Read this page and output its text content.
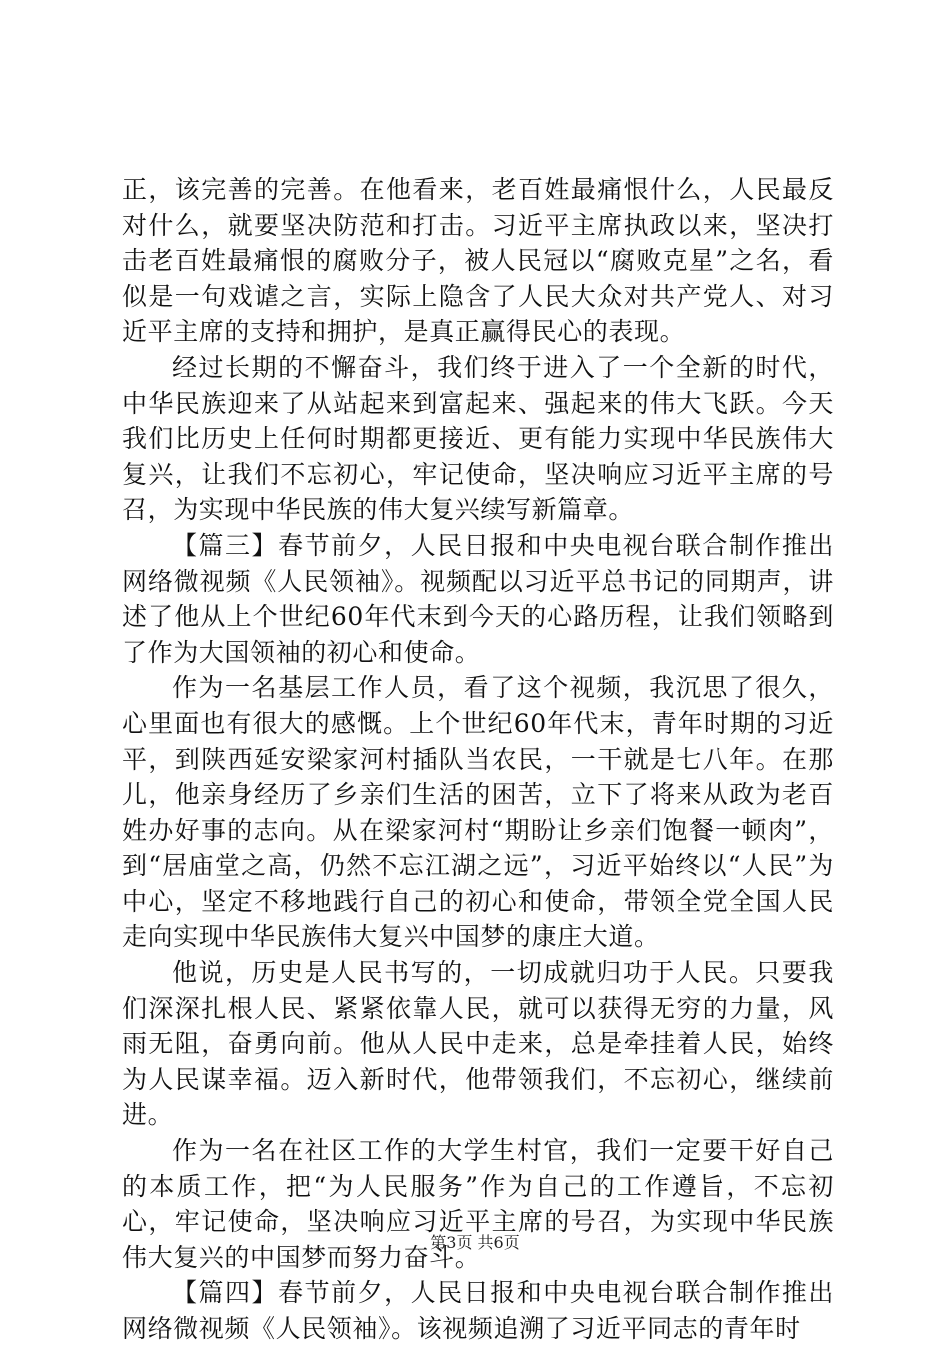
正，该完善的完善。在他看来，老百姓最痛恨什么，人民最反对什么，就要坚决防范和打击。习近平主席执政以来，坚决打击老百姓最痛恨的腐败分子，被人民冠以“腐败克星”之名，看似是一句戏谑之言，实际上隐含了人民大众对共产党人、对习近平主席的支持和拥护，是真正赢得民心的表现。

经过长期的不懈奋斗，我们终于进入了一个全新的时代，中华民族迎来了从站起来到富起来、强起来的伟大飞跃。今天我们比历史上任何时期都更接近、更有能力实现中华民族伟大复兴，让我们不忘初心，牢记使命，坚决响应习近平主席的号召，为实现中华民族的伟大复兴续写新篇章。

【篇三】春节前夕，人民日报和中央电视台联合制作推出网络微视频《人民领袖》。视频配以习近平总书记的同期声，讲述了他从上个世纪60年代末到今天的心路历程，让我们领略到了作为大国领袖的初心和使命。

作为一名基层工作人员，看了这个视频，我沉思了很久，心里面也有很大的感慨。上个世纪60年代末，青年时期的习近平，到陕西延安梁家河村插队当农民，一干就是七八年。在那儿，他亲身经历了乡亲们生活的困苦，立下了将来从政为老百姓办好事的志向。从在梁家河村“期盼让乡亲们饱餐一顿肉”，到“居庙堂之高，仍然不忘江湖之远”，习近平始终以“人民”为中心，坚定不移地践行自己的初心和使命，带领全党全国人民走向实现中华民族伟大复兴中国梦的康庄大道。

他说，历史是人民书写的，一切成就归功于人民。只要我们深深扎根人民、紧紧依靠人民，就可以获得无穷的力量，风雨无阻，奋勇向前。他从人民中走来，总是牵挂着人民，始终为人民谋幸福。迈入新时代，他带领我们，不忘初心，继续前进。

作为一名在社区工作的大学生村官，我们一定要干好自己的本质工作，把“为人民服务”作为自己的工作遵旨，不忘初心，牢记使命，坚决响应习近平主席的号召，为实现中华民族伟大复兴的中国梦而努力奋斗。

【篇四】春节前夕，人民日报和中央电视台联合制作推出网络微视频《人民领袖》。该视频追溯了习近平同志的青年时

第3页 共6页
